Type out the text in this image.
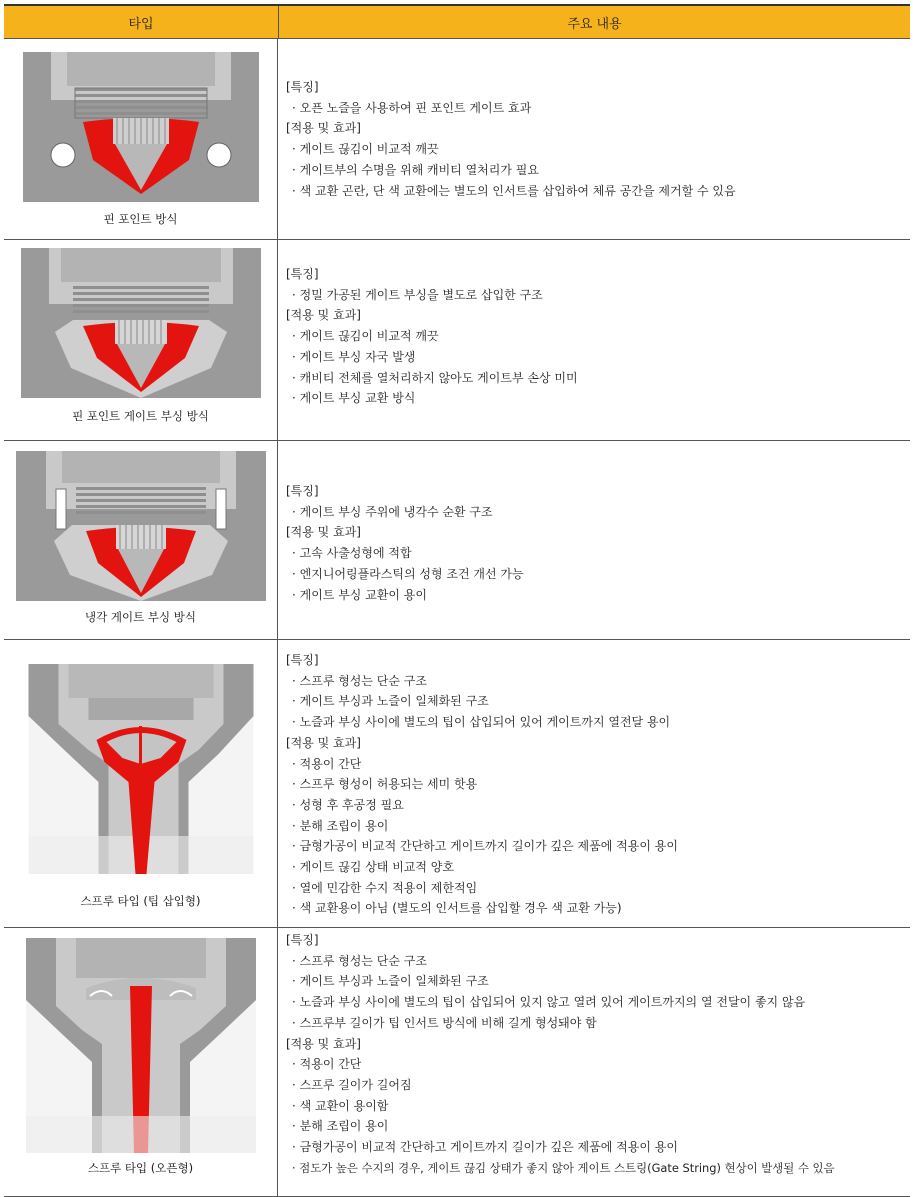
타입	주요 내용
핀 포인트 방식
[특징]
· 오픈 노즐을 사용하여 핀 포인트 게이트 효과
[적용 및 효과]
· 게이트 끊김이 비교적 깨끗
· 게이트부의 수명을 위해 캐비티 열처리가 필요
· 색 교환 곤란, 단 색 교환에는 별도의 인서트를 삽입하여 체류 공간을 제거할 수 있음
핀 포인트 게이트 부싱 방식
[특징]
· 정밀 가공된 게이트 부싱을 별도로 삽입한 구조
[적용 및 효과]
· 게이트 끊김이 비교적 깨끗
· 게이트 부싱 자국 발생
· 캐비티 전체를 열처리하지 않아도 게이트부 손상 미미
· 게이트 부싱 교환 방식
냉각 게이트 부싱 방식
[특징]
· 게이트 부싱 주위에 냉각수 순환 구조
[적용 및 효과]
· 고속 사출성형에 적합
· 엔지니어링플라스틱의 성형 조건 개선 가능
· 게이트 부싱 교환이 용이
스프루 타입 (팁 삽입형)
[특징]
· 스프루 형성는 단순 구조
· 게이트 부싱과 노즐이 일체화된 구조
· 노즐과 부싱 사이에 별도의 팁이 삽입되어 있어 게이트까지 열전달 용이
[적용 및 효과]
· 적용이 간단
· 스프루 형성이 허용되는 세미 핫용
· 성형 후 후공정 필요
· 분해 조립이 용이
· 금형가공이 비교적 간단하고 게이트까지 길이가 깊은 제품에 적용이 용이
· 게이트 끊김 상태 비교적 양호
· 열에 민감한 수지 적용이 제한적임
· 색 교환용이 아님 (별도의 인서트를 삽입할 경우 색 교환 가능)
스프루 타입 (오픈형)
[특징]
· 스프루 형성는 단순 구조
· 게이트 부싱과 노즐이 일체화된 구조
· 노즐과 부싱 사이에 별도의 팁이 삽입되어 있지 않고 열려 있어 게이트까지의 열 전달이 좋지 않음
· 스프루부 길이가 팁 인서트 방식에 비해 길게 형성돼야 함
[적용 및 효과]
· 적용이 간단
· 스프루 길이가 길어짐
· 색 교환이 용이함
· 분해 조립이 용이
· 금형가공이 비교적 간단하고 게이트까지 길이가 깊은 제품에 적용이 용이
· 점도가 높은 수지의 경우, 게이트 끊김 상태가 좋지 않아 게이트 스트링(Gate String) 현상이 발생될 수 있음
